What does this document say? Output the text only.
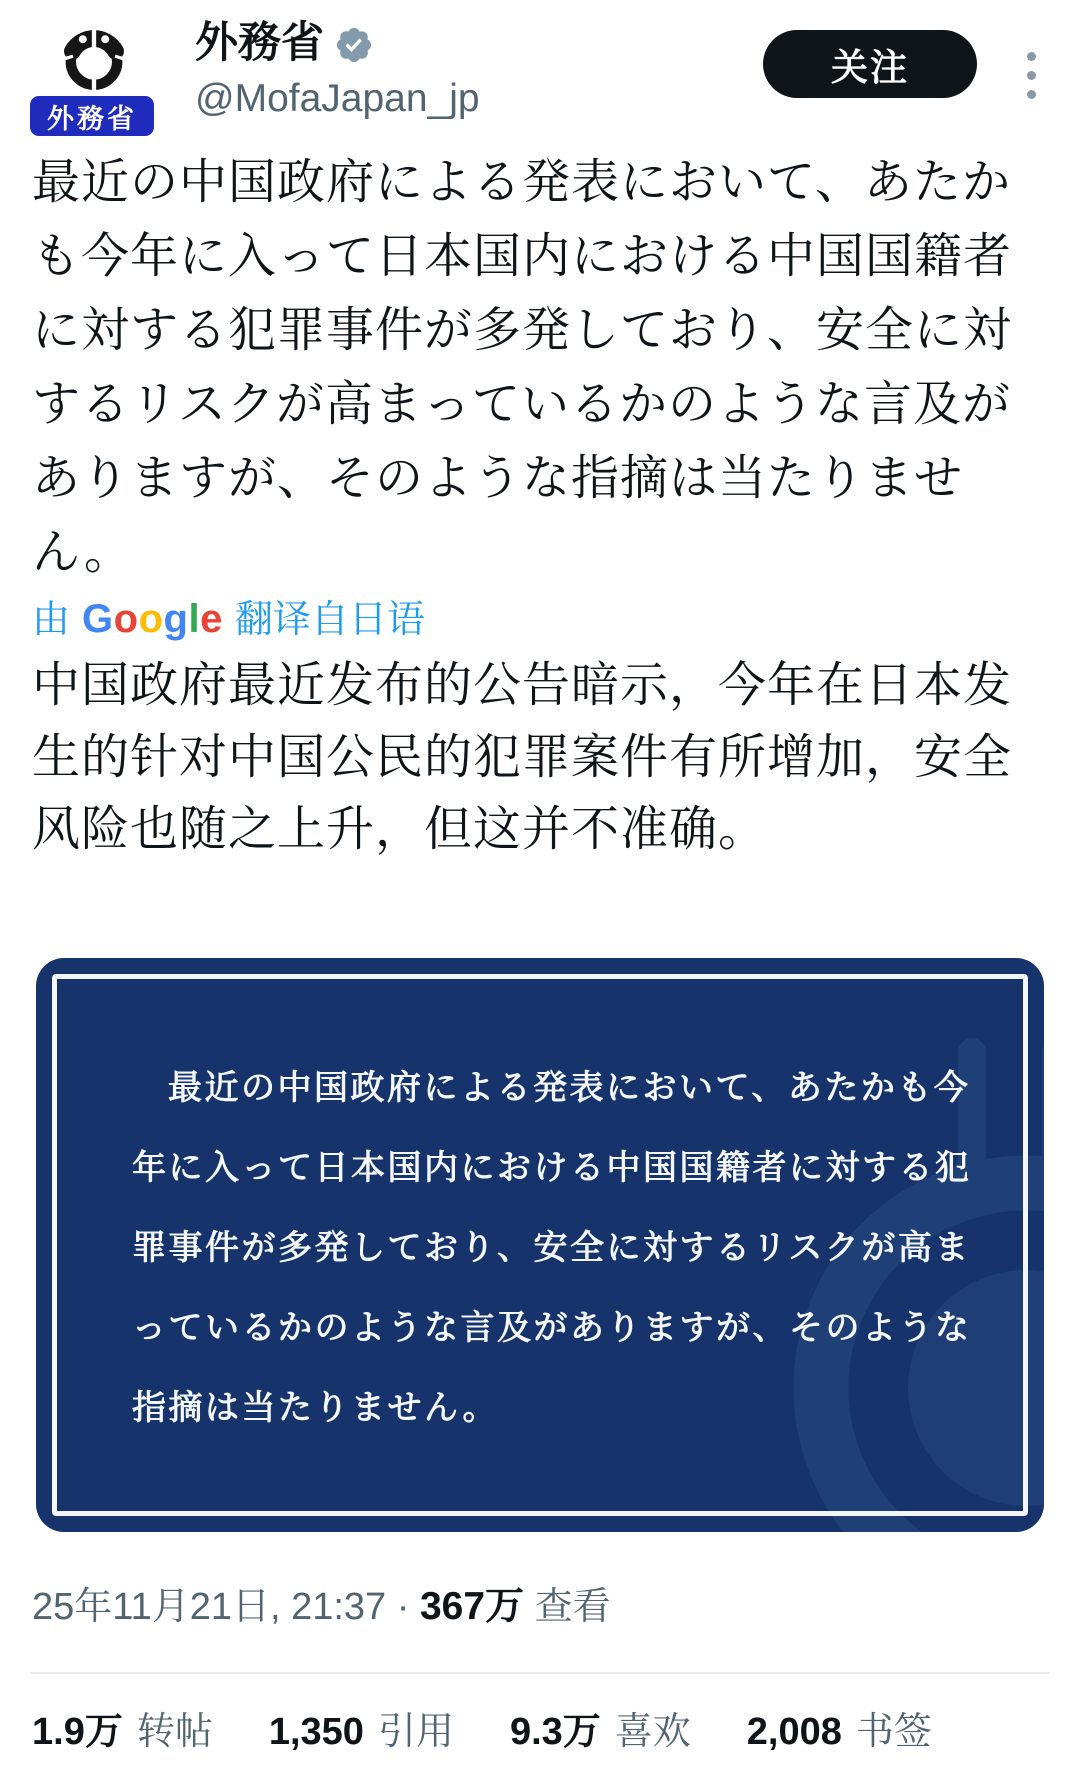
外務省
外務省
@MofaJapan_jp
关注
最近の中国政府による発表において、あたか
も今年に入って日本国内における中国国籍者
に対する犯罪事件が多発しており、安全に対
するリスクが高まっているかのような言及が
ありますが、そのような指摘は当たりませ
ん。
由 Google 翻译自日语
中国政府最近发布的公告暗示，今年在日本发
生的针对中国公民的犯罪案件有所增加，安全
风险也随之上升，但这并不准确。
最近の中国政府による発表において、あたかも今
年に入って日本国内における中国国籍者に対する犯
罪事件が多発しており、安全に対するリスクが高ま
っているかのような言及がありますが、そのような
指摘は当たりません。
25年11月21日, 21:37 · 367万 查看
1.9万 转帖 1,350 引用 9.3万 喜欢 2,008 书签
